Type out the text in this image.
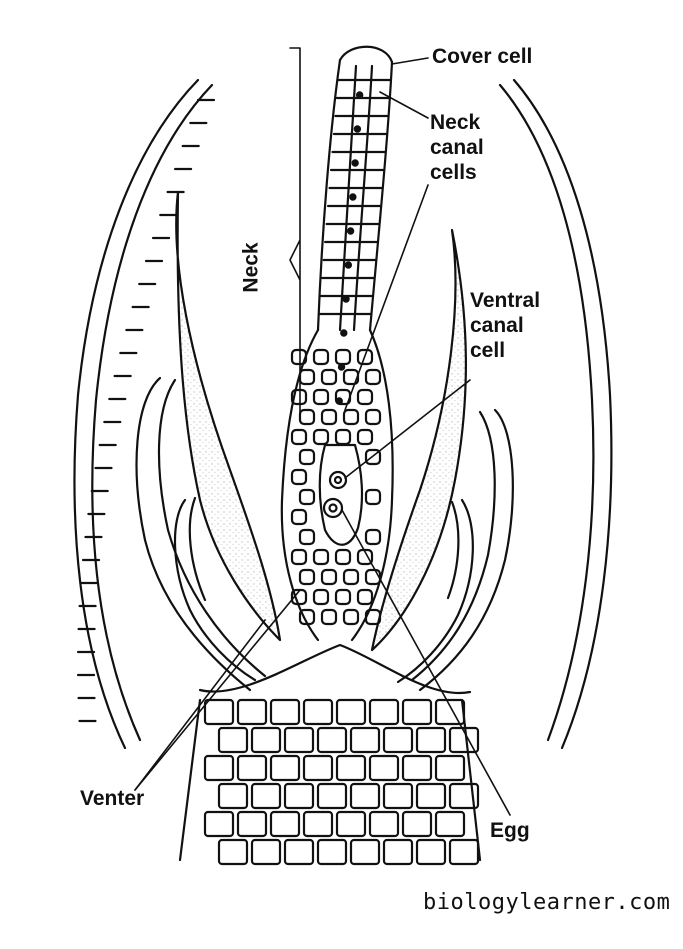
Cover cell
Neck
canal
cells
Ventral
canal
cell
Neck
Venter
Egg
biologylearner.com
